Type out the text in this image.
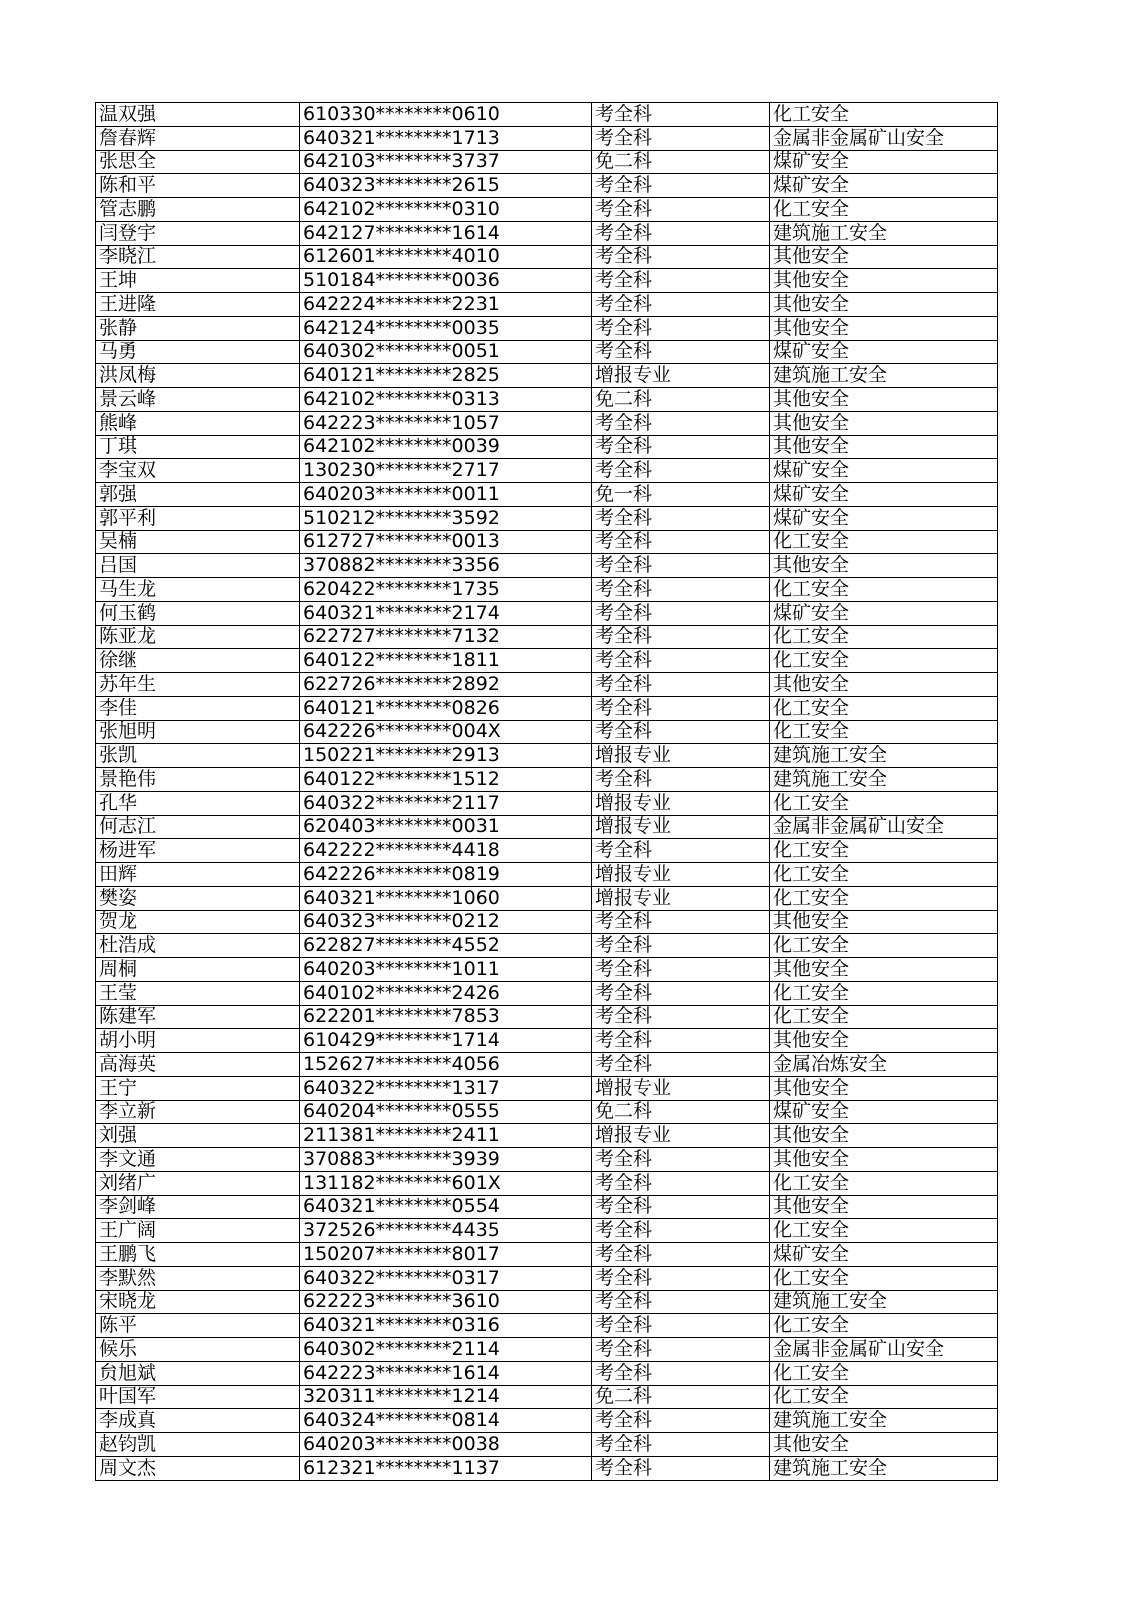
温双强	610330********0610	考全科	化工安全
詹春辉	640321********1713	考全科	金属非金属矿山安全
张思全	642103********3737	免二科	煤矿安全
陈和平	640323********2615	考全科	煤矿安全
管志鹏	642102********0310	考全科	化工安全
闫登宇	642127********1614	考全科	建筑施工安全
李晓江	612601********4010	考全科	其他安全
王坤	510184********0036	考全科	其他安全
王进隆	642224********2231	考全科	其他安全
张静	642124********0035	考全科	其他安全
马勇	640302********0051	考全科	煤矿安全
洪凤梅	640121********2825	增报专业	建筑施工安全
景云峰	642102********0313	免二科	其他安全
熊峰	642223********1057	考全科	其他安全
丁琪	642102********0039	考全科	其他安全
李宝双	130230********2717	考全科	煤矿安全
郭强	640203********0011	免一科	煤矿安全
郭平利	510212********3592	考全科	煤矿安全
吴楠	612727********0013	考全科	化工安全
吕国	370882********3356	考全科	其他安全
马生龙	620422********1735	考全科	化工安全
何玉鹤	640321********2174	考全科	煤矿安全
陈亚龙	622727********7132	考全科	化工安全
徐继	640122********1811	考全科	化工安全
苏年生	622726********2892	考全科	其他安全
李佳	640121********0826	考全科	化工安全
张旭明	642226********004X	考全科	化工安全
张凯	150221********2913	增报专业	建筑施工安全
景艳伟	640122********1512	考全科	建筑施工安全
孔华	640322********2117	增报专业	化工安全
何志江	620403********0031	增报专业	金属非金属矿山安全
杨进军	642222********4418	考全科	化工安全
田辉	642226********0819	增报专业	化工安全
樊姿	640321********1060	增报专业	化工安全
贺龙	640323********0212	考全科	其他安全
杜浩成	622827********4552	考全科	化工安全
周桐	640203********1011	考全科	其他安全
王莹	640102********2426	考全科	化工安全
陈建军	622201********7853	考全科	化工安全
胡小明	610429********1714	考全科	其他安全
高海英	152627********4056	考全科	金属冶炼安全
王宁	640322********1317	增报专业	其他安全
李立新	640204********0555	免二科	煤矿安全
刘强	211381********2411	增报专业	其他安全
李文通	370883********3939	考全科	其他安全
刘绪广	131182********601X	考全科	化工安全
李剑峰	640321********0554	考全科	其他安全
王广阔	372526********4435	考全科	化工安全
王鹏飞	150207********8017	考全科	煤矿安全
李默然	640322********0317	考全科	化工安全
宋晓龙	622223********3610	考全科	建筑施工安全
陈平	640321********0316	考全科	化工安全
候乐	640302********2114	考全科	金属非金属矿山安全
贠旭斌	642223********1614	考全科	化工安全
叶国军	320311********1214	免二科	化工安全
李成真	640324********0814	考全科	建筑施工安全
赵钧凯	640203********0038	考全科	其他安全
周文杰	612321********1137	考全科	建筑施工安全
